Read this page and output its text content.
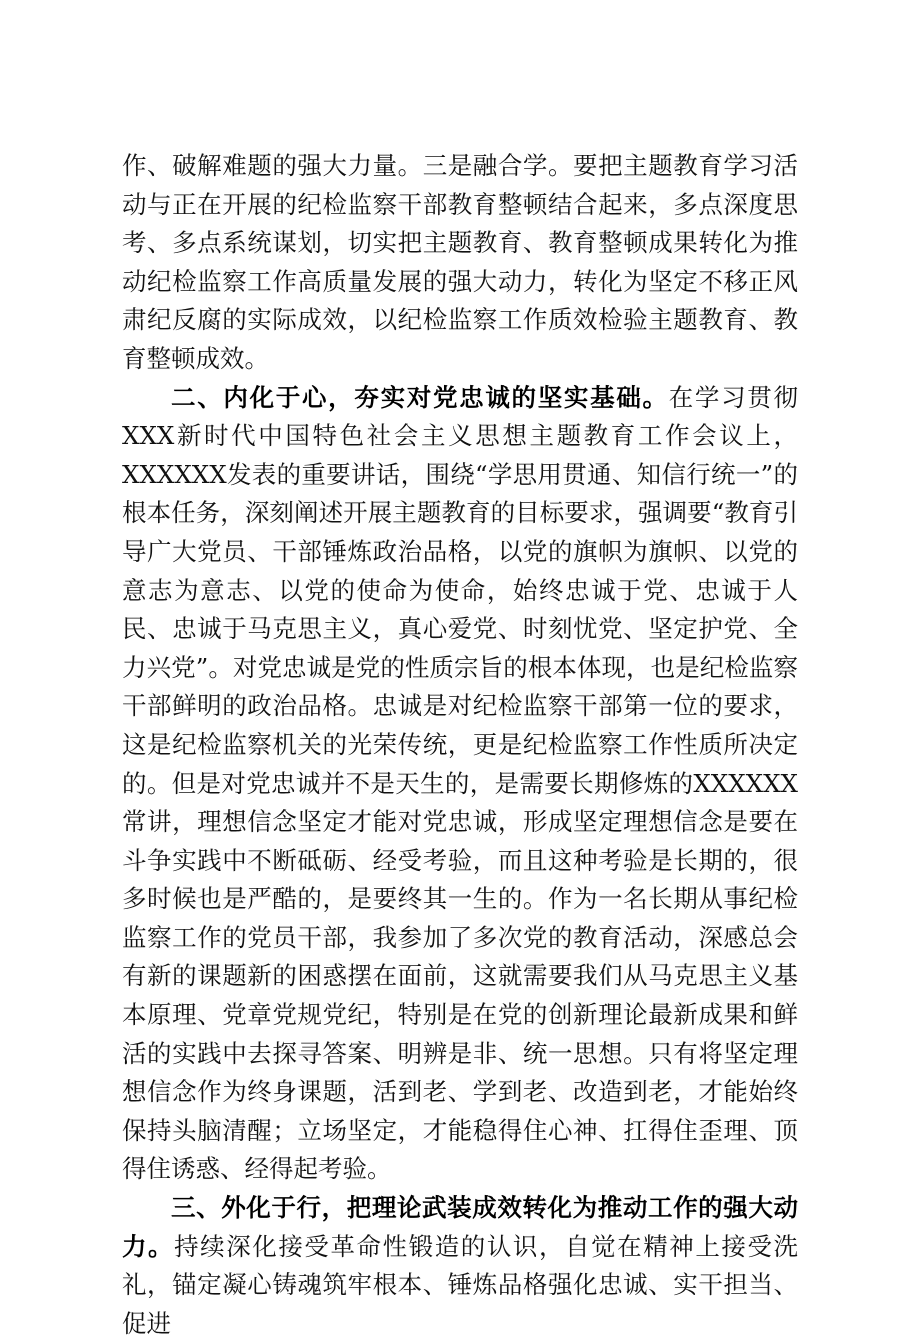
作、破解难题的强大力量。三是融合学。要把主题教育学习活动与正在开展的纪检监察干部教育整顿结合起来，多点深度思考、多点系统谋划，切实把主题教育、教育整顿成果转化为推动纪检监察工作高质量发展的强大动力，转化为坚定不移正风肃纪反腐的实际成效，以纪检监察工作质效检验主题教育、教育整顿成效。

二、内化于心，夯实对党忠诚的坚实基础。在学习贯彻XXX新时代中国特色社会主义思想主题教育工作会议上，XXXXXX发表的重要讲话，围绕“学思用贯通、知信行统一”的根本任务，深刻阐述开展主题教育的目标要求，强调要“教育引导广大党员、干部锤炼政治品格，以党的旗帜为旗帜、以党的意志为意志、以党的使命为使命，始终忠诚于党、忠诚于人民、忠诚于马克思主义，真心爱党、时刻忧党、坚定护党、全力兴党”。对党忠诚是党的性质宗旨的根本体现，也是纪检监察干部鲜明的政治品格。忠诚是对纪检监察干部第一位的要求，这是纪检监察机关的光荣传统，更是纪检监察工作性质所决定的。但是对党忠诚并不是天生的，是需要长期修炼的XXXXXX常讲，理想信念坚定才能对党忠诚，形成坚定理想信念是要在斗争实践中不断砥砺、经受考验，而且这种考验是长期的，很多时候也是严酷的，是要终其一生的。作为一名长期从事纪检监察工作的党员干部，我参加了多次党的教育活动，深感总会有新的课题新的困惑摆在面前，这就需要我们从马克思主义基本原理、党章党规党纪，特别是在党的创新理论最新成果和鲜活的实践中去探寻答案、明辨是非、统一思想。只有将坚定理想信念作为终身课题，活到老、学到老、改造到老，才能始终保持头脑清醒；立场坚定，才能稳得住心神、扛得住歪理、顶得住诱惑、经得起考验。

三、外化于行，把理论武装成效转化为推动工作的强大动力。持续深化接受革命性锻造的认识，自觉在精神上接受洗礼，锚定凝心铸魂筑牢根本、锤炼品格强化忠诚、实干担当、促进
